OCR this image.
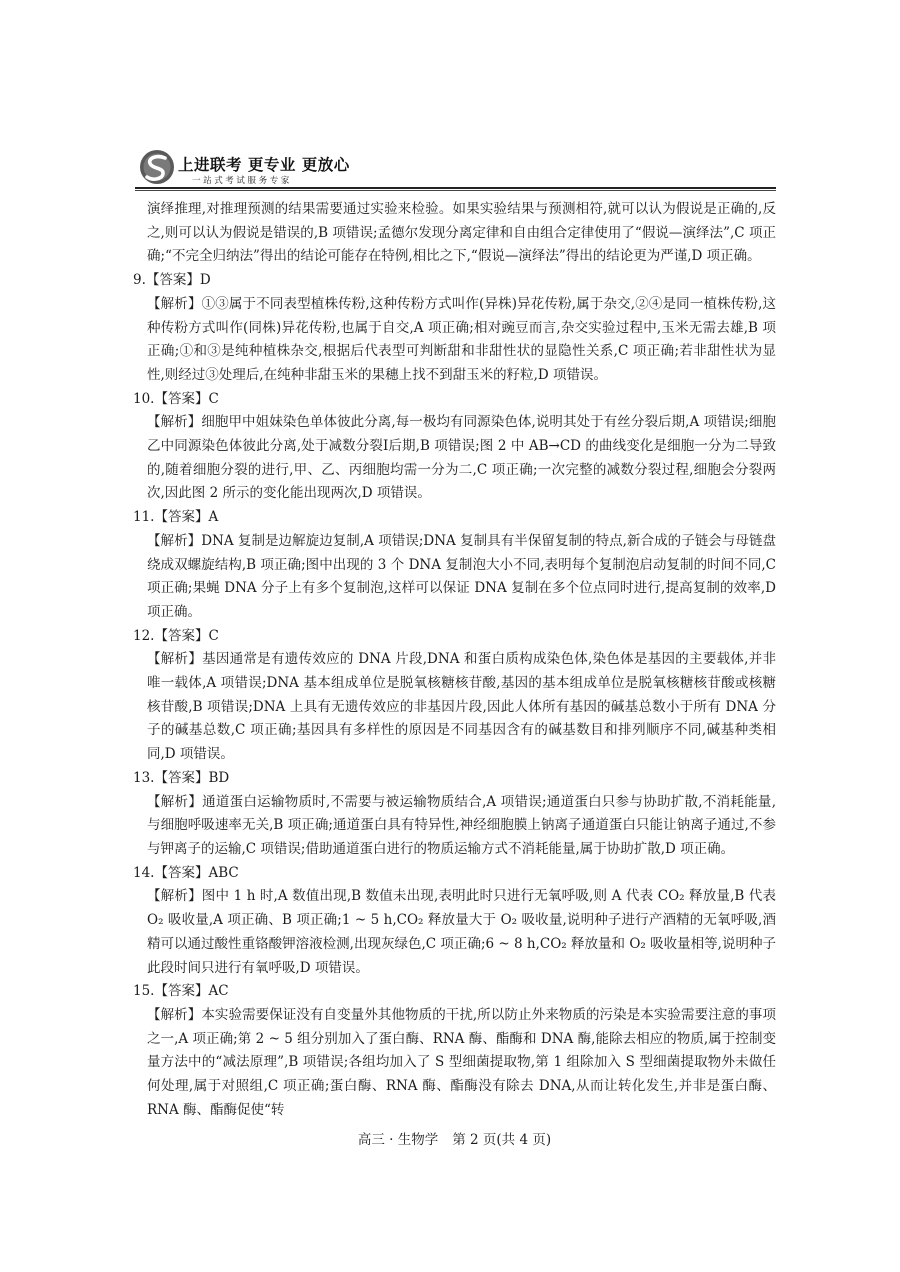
上进联考 更专业 更放心
一站式考试服务专家

演绎推理,对推理预测的结果需要通过实验来检验。如果实验结果与预测相符,就可以认为假说是正确的,反之,则可以认为假说是错误的,B 项错误;孟德尔发现分离定律和自由组合定律使用了“假说—演绎法”,C 项正确;“不完全归纳法”得出的结论可能存在特例,相比之下,“假说—演绎法”得出的结论更为严谨,D 项正确。

9.【答案】D

【解析】①③属于不同表型植株传粉,这种传粉方式叫作(异株)异花传粉,属于杂交,②④是同一植株传粉,这种传粉方式叫作(同株)异花传粉,也属于自交,A 项正确;相对豌豆而言,杂交实验过程中,玉米无需去雄,B 项正确;①和③是纯种植株杂交,根据后代表型可判断甜和非甜性状的显隐性关系,C 项正确;若非甜性状为显性,则经过③处理后,在纯种非甜玉米的果穗上找不到甜玉米的籽粒,D 项错误。

10.【答案】C

【解析】细胞甲中姐妹染色单体彼此分离,每一极均有同源染色体,说明其处于有丝分裂后期,A 项错误;细胞乙中同源染色体彼此分离,处于减数分裂Ⅰ后期,B 项错误;图 2 中 AB→CD 的曲线变化是细胞一分为二导致的,随着细胞分裂的进行,甲、乙、丙细胞均需一分为二,C 项正确;一次完整的减数分裂过程,细胞会分裂两次,因此图 2 所示的变化能出现两次,D 项错误。

11.【答案】A

【解析】DNA 复制是边解旋边复制,A 项错误;DNA 复制具有半保留复制的特点,新合成的子链会与母链盘绕成双螺旋结构,B 项正确;图中出现的 3 个 DNA 复制泡大小不同,表明每个复制泡启动复制的时间不同,C 项正确;果蝇 DNA 分子上有多个复制泡,这样可以保证 DNA 复制在多个位点同时进行,提高复制的效率,D 项正确。

12.【答案】C

【解析】基因通常是有遗传效应的 DNA 片段,DNA 和蛋白质构成染色体,染色体是基因的主要载体,并非唯一载体,A 项错误;DNA 基本组成单位是脱氧核糖核苷酸,基因的基本组成单位是脱氧核糖核苷酸或核糖核苷酸,B 项错误;DNA 上具有无遗传效应的非基因片段,因此人体所有基因的碱基总数小于所有 DNA 分子的碱基总数,C 项正确;基因具有多样性的原因是不同基因含有的碱基数目和排列顺序不同,碱基种类相同,D 项错误。

13.【答案】BD

【解析】通道蛋白运输物质时,不需要与被运输物质结合,A 项错误;通道蛋白只参与协助扩散,不消耗能量,与细胞呼吸速率无关,B 项正确;通道蛋白具有特异性,神经细胞膜上钠离子通道蛋白只能让钠离子通过,不参与钾离子的运输,C 项错误;借助通道蛋白进行的物质运输方式不消耗能量,属于协助扩散,D 项正确。

14.【答案】ABC

【解析】图中 1 h 时,A 数值出现,B 数值未出现,表明此时只进行无氧呼吸,则 A 代表 CO₂ 释放量,B 代表 O₂ 吸收量,A 项正确、B 项正确;1 ~ 5 h,CO₂ 释放量大于 O₂ 吸收量,说明种子进行产酒精的无氧呼吸,酒精可以通过酸性重铬酸钾溶液检测,出现灰绿色,C 项正确;6 ~ 8 h,CO₂ 释放量和 O₂ 吸收量相等,说明种子此段时间只进行有氧呼吸,D 项错误。

15.【答案】AC

【解析】本实验需要保证没有自变量外其他物质的干扰,所以防止外来物质的污染是本实验需要注意的事项之一,A 项正确;第 2 ~ 5 组分别加入了蛋白酶、RNA 酶、酯酶和 DNA 酶,能除去相应的物质,属于控制变量方法中的“减法原理”,B 项错误;各组均加入了 S 型细菌提取物,第 1 组除加入 S 型细菌提取物外未做任何处理,属于对照组,C 项正确;蛋白酶、RNA 酶、酯酶没有除去 DNA,从而让转化发生,并非是蛋白酶、RNA 酶、酯酶促使“转

高三 · 生物学 第 2 页(共 4 页)
